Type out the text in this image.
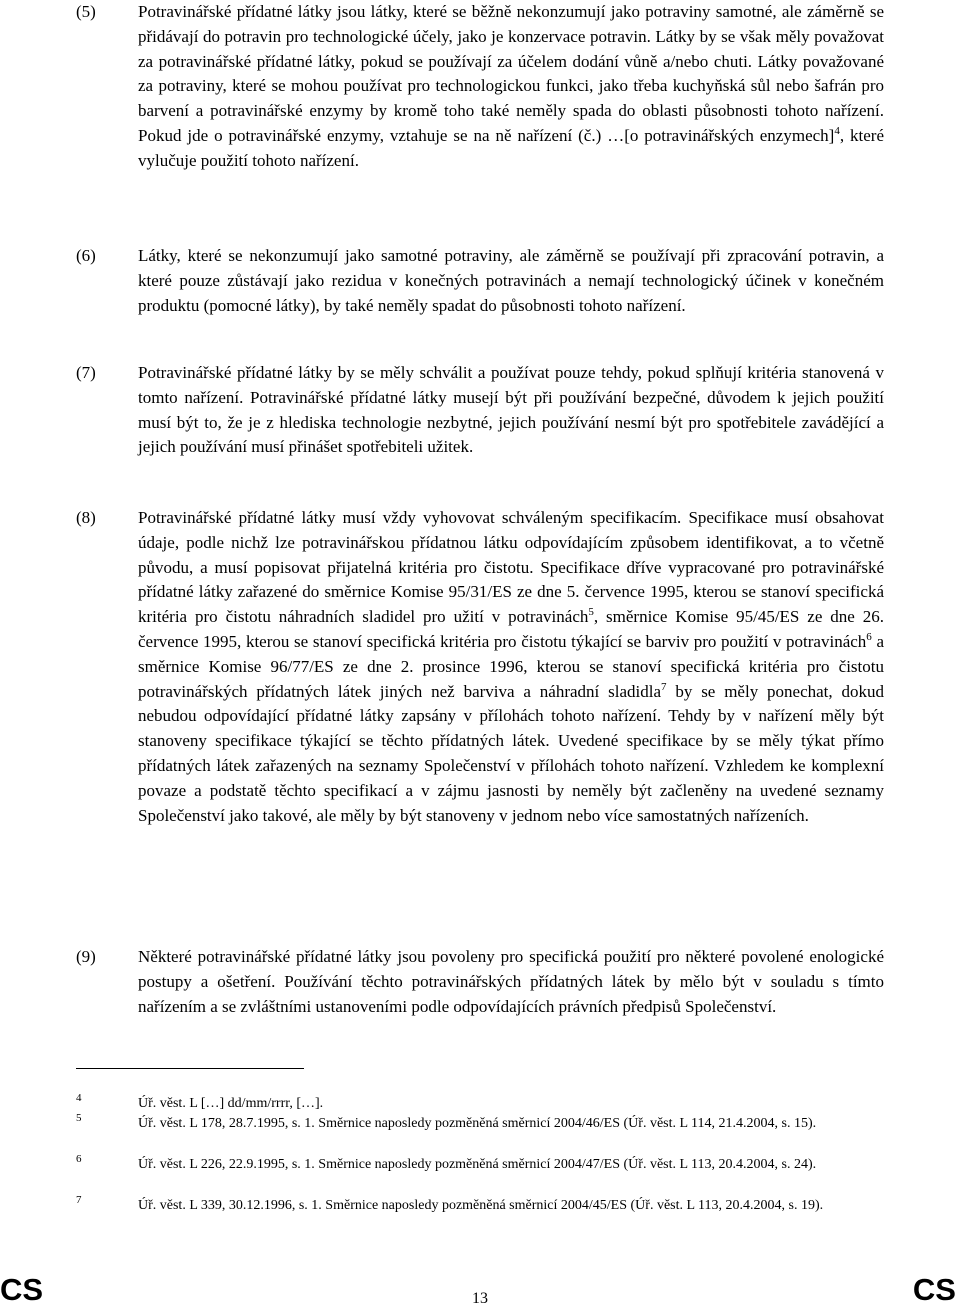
(5) Potravinářské přídatné látky jsou látky, které se běžně nekonzumují jako potraviny samotné, ale záměrně se přidávají do potravin pro technologické účely, jako je konzervace potravin. Látky by se však měly považovat za potravinářské přídatné látky, pokud se používají za účelem dodání vůně a/nebo chuti. Látky považované za potraviny, které se mohou používat pro technologickou funkci, jako třeba kuchyňská sůl nebo šafrán pro barvení a potravinářské enzymy by kromě toho také neměly spada do oblasti působnosti tohoto nařízení. Pokud jde o potravinářské enzymy, vztahuje se na ně nařízení (č.) …[o potravinářských enzymech]$^4$, které vylučuje použití tohoto nařízení.
(6) Látky, které se nekonzumují jako samotné potraviny, ale záměrně se používají při zpracování potravin, a které pouze zůstávají jako rezidua v konečných potravinách a nemají technologický účinek v konečném produktu (pomocné látky), by také neměly spadat do působnosti tohoto nařízení.
(7) Potravinářské přídatné látky by se měly schválit a používat pouze tehdy, pokud splňují kritéria stanovená v tomto nařízení. Potravinářské přídatné látky musejí být při používání bezpečné, důvodem k jejich použití musí být to, že je z hlediska technologie nezbytné, jejich používání nesmí být pro spotřebitele zavádějící a jejich používání musí přinášet spotřebiteli užitek.
(8) Potravinářské přídatné látky musí vždy vyhovovat schváleným specifikacím. Specifikace musí obsahovat údaje, podle nichž lze potravinářskou přídatnou látku odpovídajícím způsobem identifikovat, a to včetně původu, a musí popisovat přijatelná kritéria pro čistotu. Specifikace dříve vypracované pro potravinářské přídatné látky zařazené do směrnice Komise 95/31/ES ze dne 5. července 1995, kterou se stanoví specifická kritéria pro čistotu náhradních sladidel pro užití v potravinách$^5$, směrnice Komise 95/45/ES ze dne 26. července 1995, kterou se stanoví specifická kritéria pro čistotu týkající se barviv pro použití v potravinách$^6$ a směrnice Komise 96/77/ES ze dne 2. prosince 1996, kterou se stanoví specifická kritéria pro čistotu potravinářských přídatných látek jiných než barviva a náhradní sladidla$^7$ by se měly ponechat, dokud nebudou odpovídající přídatné látky zapsány v přílohách tohoto nařízení. Tehdy by v nařízení měly být stanoveny specifikace týkající se těchto přídatných látek. Uvedené specifikace by se měly týkat přímo přídatných látek zařazených na seznamy Společenství v přílohách tohoto nařízení. Vzhledem ke komplexní povaze a podstatě těchto specifikací a v zájmu jasnosti by neměly být začleněny na uvedené seznamy Společenství jako takové, ale měly by být stanoveny v jednom nebo více samostatných nařízeních.
(9) Některé potravinářské přídatné látky jsou povoleny pro specifická použití pro některé povolené enologické postupy a ošetření. Používání těchto potravinářských přídatných látek by mělo být v souladu s tímto nařízením a se zvláštními ustanoveními podle odpovídajících právních předpisů Společenství.
4	Úř. věst. L […] dd/mm/rrrr, […].
5	Úř. věst. L 178, 28.7.1995, s. 1. Směrnice naposledy pozměněná směrnicí 2004/46/ES (Úř. věst. L 114, 21.4.2004, s. 15).
6	Úř. věst. L 226, 22.9.1995, s. 1. Směrnice naposledy pozměněná směrnicí 2004/47/ES (Úř. věst. L 113, 20.4.2004, s. 24).
7	Úř. věst. L 339, 30.12.1996, s. 1. Směrnice naposledy pozměněná směrnicí 2004/45/ES (Úř. věst. L 113, 20.4.2004, s. 19).
CS	13	CS
